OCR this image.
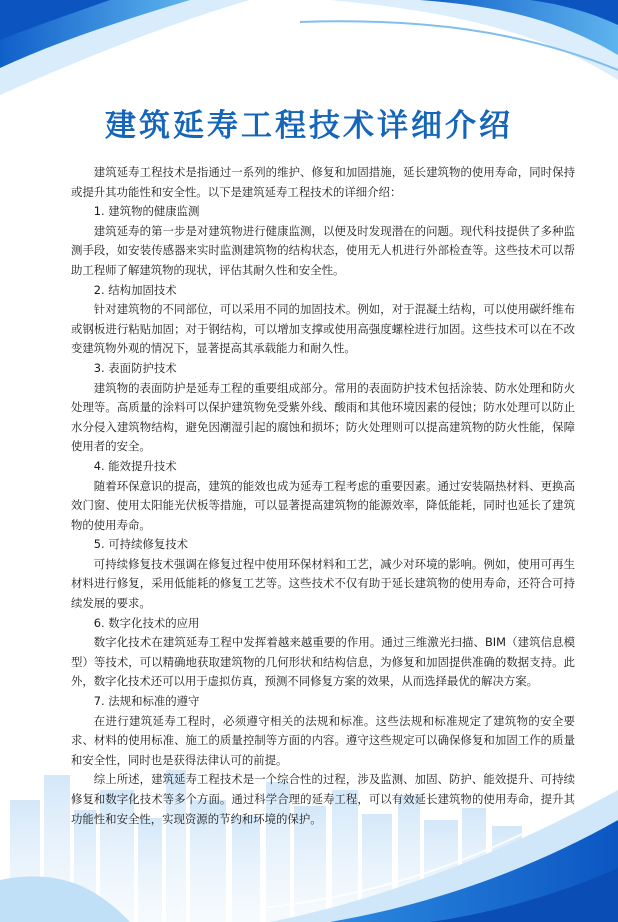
建筑延寿工程技术详细介绍

建筑延寿工程技术是指通过一系列的维护、修复和加固措施，延长建筑物的使用寿命，同时保持或提升其功能性和安全性。以下是建筑延寿工程技术的详细介绍：

1. 建筑物的健康监测

建筑延寿的第一步是对建筑物进行健康监测，以便及时发现潜在的问题。现代科技提供了多种监测手段，如安装传感器来实时监测建筑物的结构状态，使用无人机进行外部检查等。这些技术可以帮助工程师了解建筑物的现状，评估其耐久性和安全性。

2. 结构加固技术

针对建筑物的不同部位，可以采用不同的加固技术。例如，对于混凝土结构，可以使用碳纤维布或钢板进行粘贴加固；对于钢结构，可以增加支撑或使用高强度螺栓进行加固。这些技术可以在不改变建筑物外观的情况下，显著提高其承载能力和耐久性。

3. 表面防护技术

建筑物的表面防护是延寿工程的重要组成部分。常用的表面防护技术包括涂装、防水处理和防火处理等。高质量的涂料可以保护建筑物免受紫外线、酸雨和其他环境因素的侵蚀；防水处理可以防止水分侵入建筑物结构，避免因潮湿引起的腐蚀和损坏；防火处理则可以提高建筑物的防火性能，保障使用者的安全。

4. 能效提升技术

随着环保意识的提高，建筑的能效也成为延寿工程考虑的重要因素。通过安装隔热材料、更换高效门窗、使用太阳能光伏板等措施，可以显著提高建筑物的能源效率，降低能耗，同时也延长了建筑物的使用寿命。

5. 可持续修复技术

可持续修复技术强调在修复过程中使用环保材料和工艺，减少对环境的影响。例如，使用可再生材料进行修复，采用低能耗的修复工艺等。这些技术不仅有助于延长建筑物的使用寿命，还符合可持续发展的要求。

6. 数字化技术的应用

数字化技术在建筑延寿工程中发挥着越来越重要的作用。通过三维激光扫描、BIM（建筑信息模型）等技术，可以精确地获取建筑物的几何形状和结构信息，为修复和加固提供准确的数据支持。此外，数字化技术还可以用于虚拟仿真，预测不同修复方案的效果，从而选择最优的解决方案。

7. 法规和标准的遵守

在进行建筑延寿工程时，必须遵守相关的法规和标准。这些法规和标准规定了建筑物的安全要求、材料的使用标准、施工的质量控制等方面的内容。遵守这些规定可以确保修复和加固工作的质量和安全性，同时也是获得法律认可的前提。

综上所述，建筑延寿工程技术是一个综合性的过程，涉及监测、加固、防护、能效提升、可持续修复和数字化技术等多个方面。通过科学合理的延寿工程，可以有效延长建筑物的使用寿命，提升其功能性和安全性，实现资源的节约和环境的保护。
